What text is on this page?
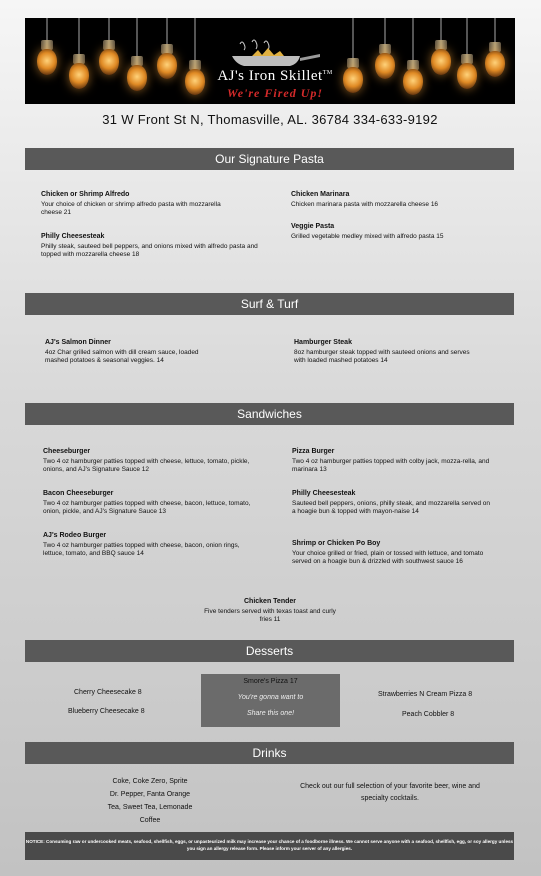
AJ's Iron Skillet™
We're Fired Up!
31 W Front St N, Thomasville, AL. 36784 334-633-9192
Our Signature Pasta
Chicken or Shrimp Alfredo
Your choice of chicken or shrimp alfredo pasta with mozzarella cheese 21
Philly Cheesesteak
Philly steak, sauteed bell peppers, and onions mixed with alfredo pasta and topped with mozzarella cheese 18
Chicken Marinara
Chicken marinara pasta with mozzarella cheese 16
Veggie Pasta
Grilled vegetable medley mixed with alfredo pasta 15
Surf & Turf
AJ's Salmon Dinner
4oz Char grilled salmon with dill cream sauce, loaded mashed potatoes & seasonal veggies. 14
Hamburger Steak
8oz hamburger steak topped with sauteed onions and serves with loaded mashed potatoes 14
Sandwiches
Cheeseburger
Two 4 oz hamburger patties topped with cheese, lettuce, tomato, pickle, onions, and AJ's Signature Sauce 12
Bacon Cheeseburger
Two 4 oz hamburger patties topped with cheese, bacon, lettuce, tomato, onion, pickle, and AJ's Signature Sauce 13
AJ's Rodeo Burger
Two 4 oz hamburger patties topped with cheese, bacon, onion rings, lettuce, tomato, and BBQ sauce 14
Pizza Burger
Two 4 oz hamburger patties topped with colby jack, mozza-rella, and marinara 13
Philly Cheesesteak
Sauteed bell peppers, onions, philly steak, and mozzarella served on a hoagie bun & topped with mayon-naise 14
Shrimp or Chicken Po Boy
Your choice grilled or fried, plain or tossed with lettuce, and tomato served on a hoagie bun & drizzled with southwest sauce 16
Chicken Tender
Five tenders served with texas toast and curly fries 11
Desserts
Cherry Cheesecake 8
Blueberry Cheesecake 8
Strawberries N Cream Pizza 8
Peach Cobbler 8
Smore's Pizza 17
You're gonna want to
Share this one!
Drinks
Coke, Coke Zero, Sprite
Dr. Pepper, Fanta Orange
Tea, Sweet Tea, Lemonade
Coffee
Check out our full selection of your favorite beer, wine and specialty cocktails.
NOTICE: Consuming raw or undercooked meats, seafood, shellfish, eggs, or unpasteurized milk may increase your chance of a foodborne illness. We cannot serve anyone with a seafood, shellfish, egg, or soy allergy unless you sign an allergy release form. Please inform your server of any allergies.
